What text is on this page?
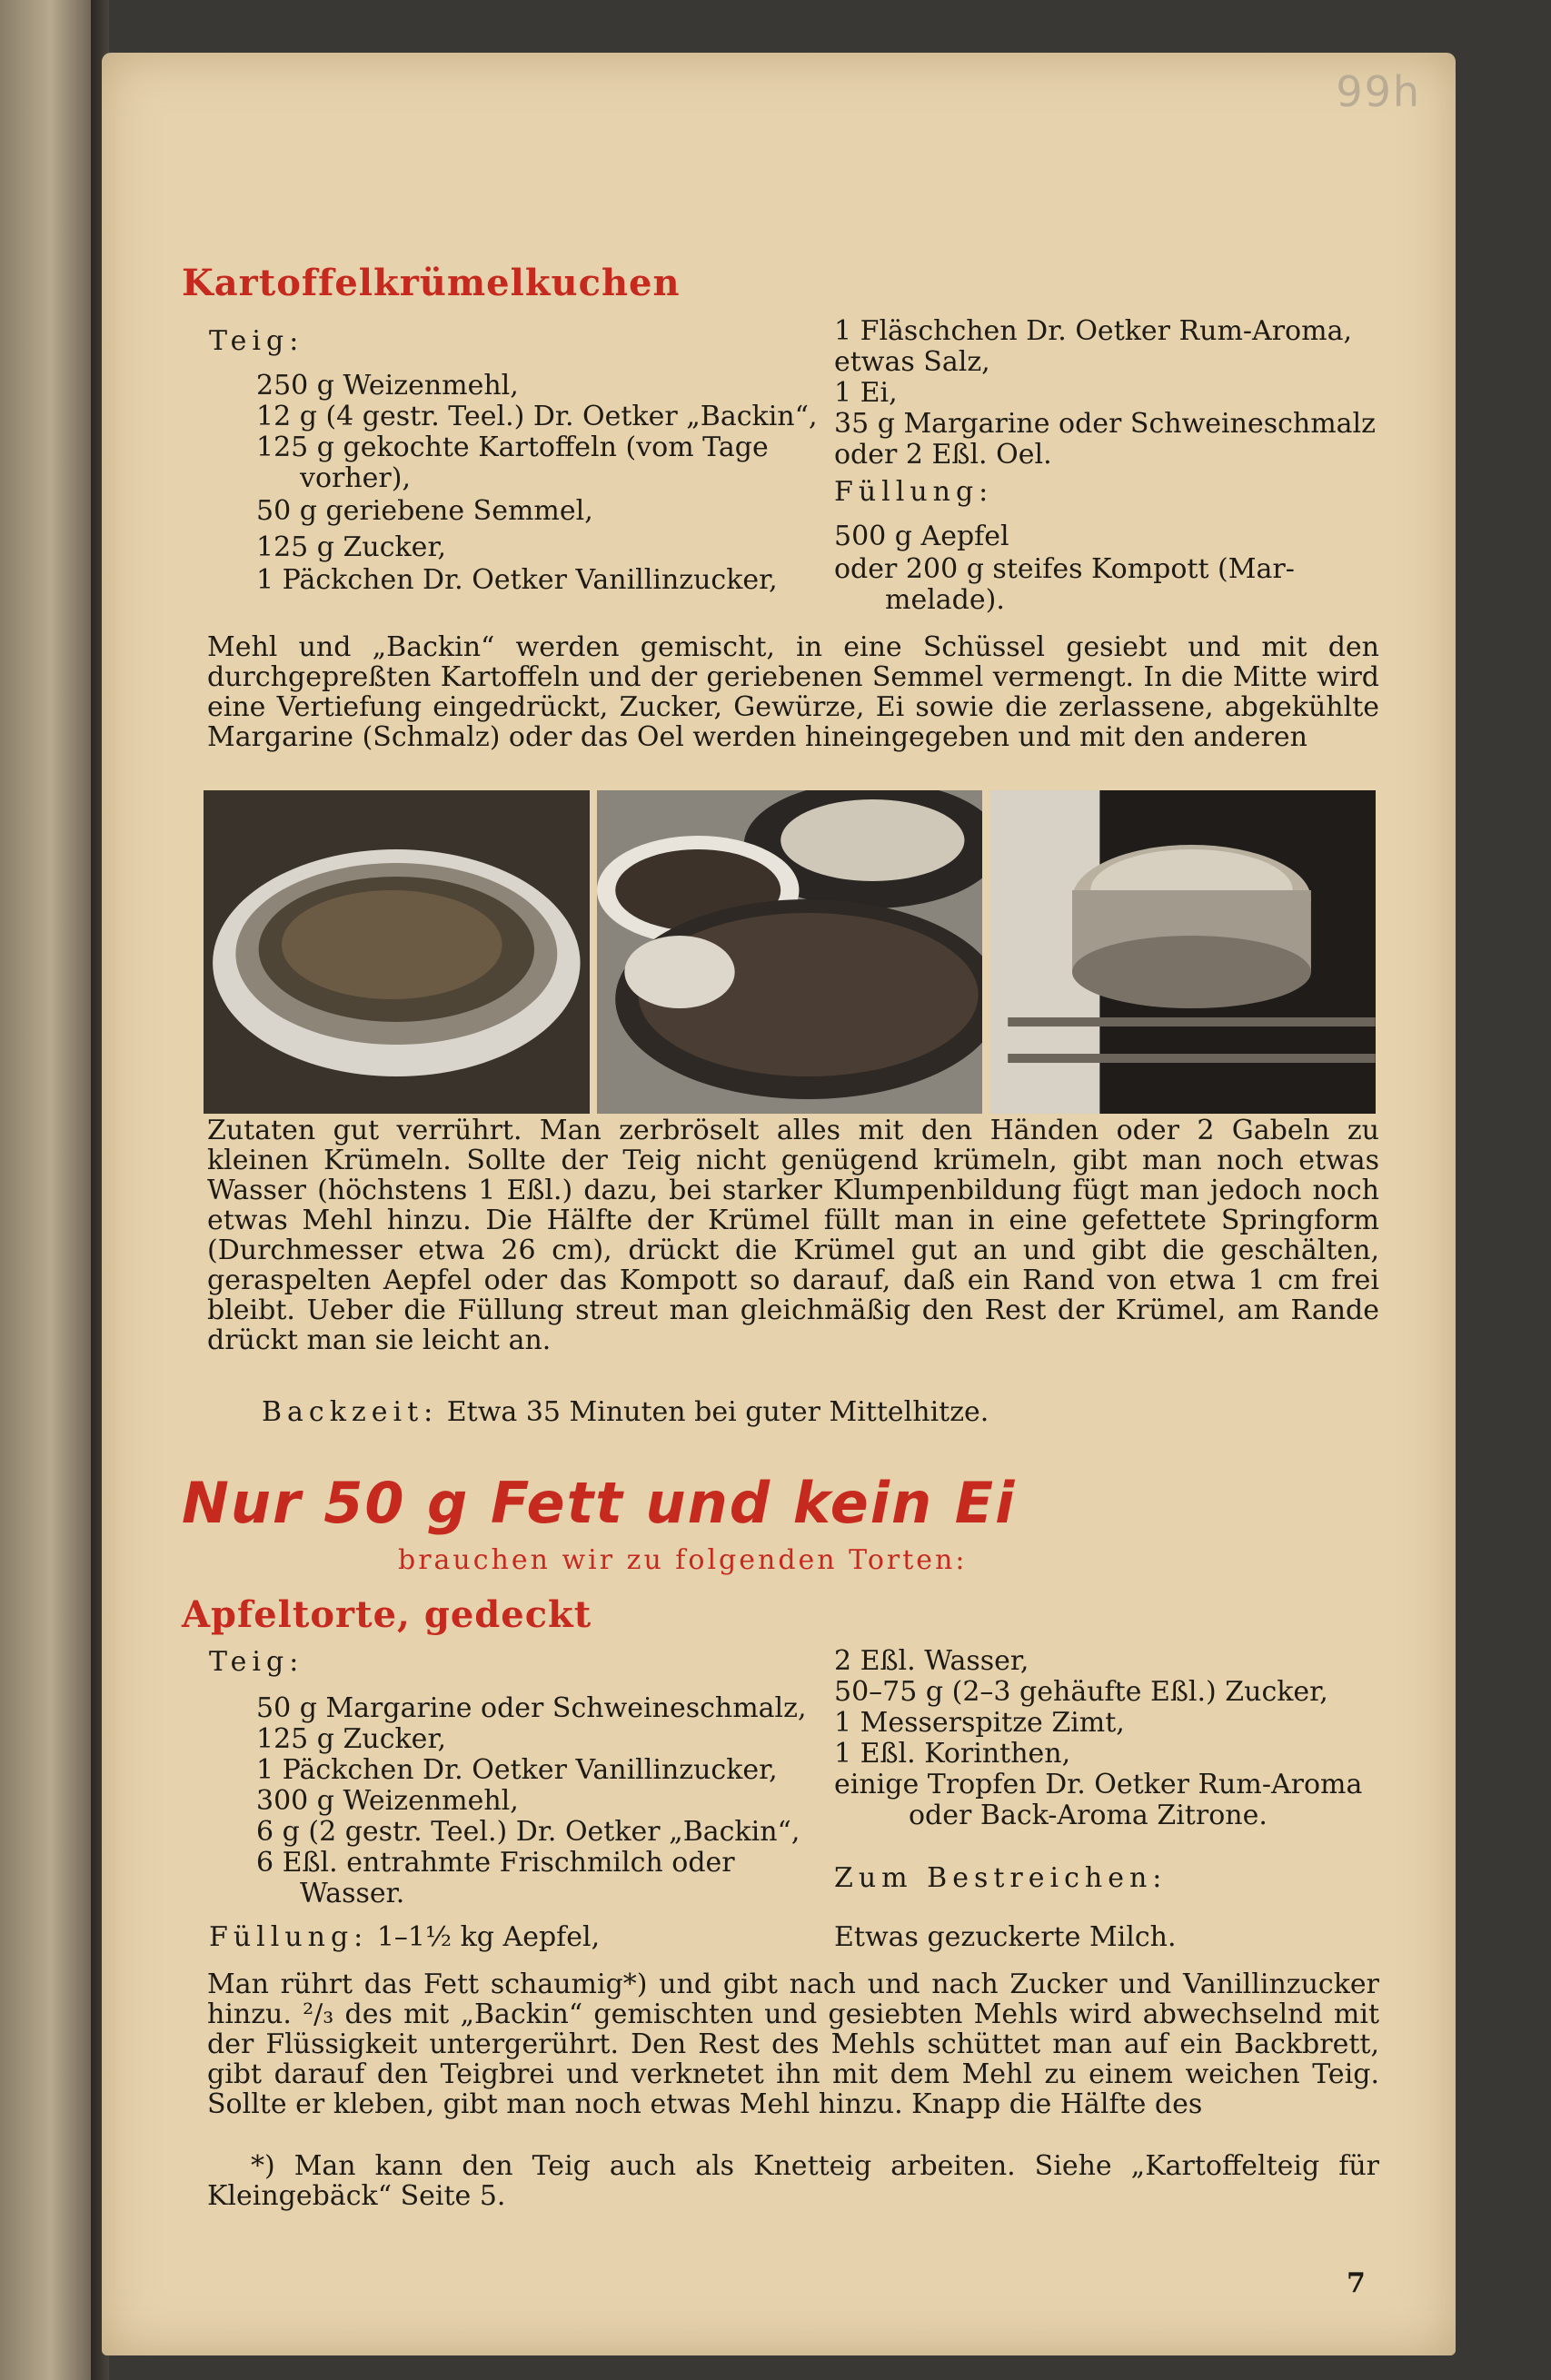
99h
Kartoffelkrümelkuchen
Teig:
250 g Weizenmehl,
12 g (4 gestr. Teel.) Dr. Oetker „Backin“,
125 g gekochte Kartoffeln (vom Tage
vorher),
50 g geriebene Semmel,
125 g Zucker,
1 Päckchen Dr. Oetker Vanillinzucker,
1 Fläschchen Dr. Oetker Rum-Aroma,
etwas Salz,
1 Ei,
35 g Margarine oder Schweineschmalz
oder 2 Eßl. Oel.
Füllung:
500 g Aepfel
oder 200 g steifes Kompott (Mar-
melade).
Mehl und „Backin“ werden gemischt, in eine Schüssel gesiebt und mit den durchgepreßten Kartoffeln und der geriebenen Semmel vermengt. In die Mitte wird eine Vertiefung eingedrückt, Zucker, Gewürze, Ei sowie die zerlassene, abgekühlte Margarine (Schmalz) oder das Oel werden hineingegeben und mit den anderen
Zutaten gut verrührt. Man zerbröselt alles mit den Händen oder 2 Gabeln zu kleinen Krümeln. Sollte der Teig nicht genügend krümeln, gibt man noch etwas Wasser (höchstens 1 Eßl.) dazu, bei starker Klumpenbildung fügt man jedoch noch etwas Mehl hinzu. Die Hälfte der Krümel füllt man in eine gefettete Springform (Durchmesser etwa 26 cm), drückt die Krümel gut an und gibt die geschälten, geraspelten Aepfel oder das Kompott so darauf, daß ein Rand von etwa 1 cm frei bleibt. Ueber die Füllung streut man gleichmäßig den Rest der Krümel, am Rande drückt man sie leicht an.
Backzeit: Etwa 35 Minuten bei guter Mittelhitze.
Nur 50 g Fett und kein Ei
brauchen wir zu folgenden Torten:
Apfeltorte, gedeckt
Teig:
50 g Margarine oder Schweineschmalz,
125 g Zucker,
1 Päckchen Dr. Oetker Vanillinzucker,
300 g Weizenmehl,
6 g (2 gestr. Teel.) Dr. Oetker „Backin“,
6 Eßl. entrahmte Frischmilch oder
Wasser.
Füllung: 1–1½ kg Aepfel,
2 Eßl. Wasser,
50–75 g (2–3 gehäufte Eßl.) Zucker,
1 Messerspitze Zimt,
1 Eßl. Korinthen,
einige Tropfen Dr. Oetker Rum-Aroma
oder Back-Aroma Zitrone.
Zum Bestreichen:
Etwas gezuckerte Milch.
Man rührt das Fett schaumig*) und gibt nach und nach Zucker und Vanillinzucker hinzu. ²/₃ des mit „Backin“ gemischten und gesiebten Mehls wird abwechselnd mit der Flüssigkeit untergerührt. Den Rest des Mehls schüttet man auf ein Backbrett, gibt darauf den Teigbrei und verknetet ihn mit dem Mehl zu einem weichen Teig. Sollte er kleben, gibt man noch etwas Mehl hinzu. Knapp die Hälfte des
*) Man kann den Teig auch als Knetteig arbeiten. Siehe „Kartoffelteig für Kleingebäck“ Seite 5.
7
